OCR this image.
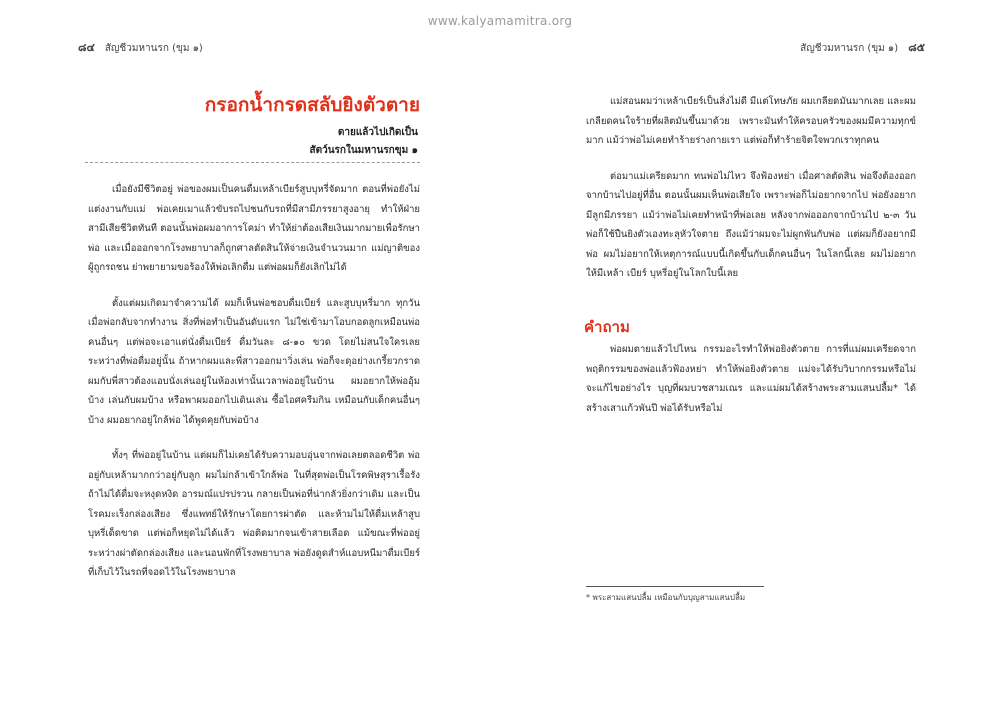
www.kalyamamitra.org
๘๔ สัญชีวมหานรก (ขุม ๑)
กรอกน้ำกรดสลับยิงตัวตาย
ตายแล้วไปเกิดเป็น
สัตว์นรกในมหานรกขุม ๑

เมื่อยังมีชีวิตอยู่ พ่อของผมเป็นคนดื่มเหล้าเบียร์สูบบุหรี่จัดมาก ตอนที่พ่อยังไม่แต่งงานกับแม่ พ่อเคยเมาแล้วขับรถไปชนกับรถที่มีสามีภรรยาสูงอายุ ทำให้ฝ่ายสามีเสียชีวิตทันที ตอนนั้นพ่อผมอาการโคม่า ทำให้ย่าต้องเสียเงินมากมายเพื่อรักษาพ่อ และเมื่อออกจากโรงพยาบาลก็ถูกศาลตัดสินให้จ่ายเงินจำนวนมาก แม่ญาติของ ผู้ถูกรถชน ย่าพยายามขอร้องให้พ่อเลิกดื่ม แต่พ่อผมก็ยังเลิกไม่ได้

ตั้งแต่ผมเกิดมาจำความได้ ผมก็เห็นพ่อชอบดื่มเบียร์ และสูบบุหรี่มาก ทุกวันเมื่อพ่อกลับจากทำงาน สิ่งที่พ่อทำเป็นอันดับแรก ไม่ใช่เข้ามาโอบกอดลูกเหมือนพ่อคนอื่นๆ แต่พ่อจะเอาแต่นั่งดื่มเบียร์ ดื่มวันละ ๘-๑๐ ขวด โดยไม่สนใจใครเลย ระหว่างที่พ่อดื่มอยู่นั้น ถ้าหากผมและพี่สาวออกมาวิ่งเล่น พ่อก็จะดุอย่างเกรี้ยวกราด ผมกับพี่สาวต้องแอบนั่งเล่นอยู่ในห้องเท่านั้นเวลาพ่ออยู่ในบ้าน ผมอยากให้พ่ออุ้มบ้าง เล่นกับผมบ้าง หรือพาผมออกไปเดินเล่น ซื้อไอศครีมกิน เหมือนกับเด็กคนอื่นๆ บ้าง ผมอยากอยู่ใกล้พ่อ ได้พูดคุยกับพ่อบ้าง

ทั้งๆ ที่พ่ออยู่ในบ้าน แต่ผมก็ไม่เคยได้รับความอบอุ่นจากพ่อเลยตลอดชีวิต พ่ออยู่กับเหล้ามากกว่าอยู่กับลูก ผมไม่กล้าเข้าใกล้พ่อ ในที่สุดพ่อเป็นโรคพิษสุราเรื้อรัง ถ้าไม่ได้ดื่มจะหงุดหงิด อารมณ์แปรปรวน กลายเป็นพ่อที่น่ากลัวยิ่งกว่าเดิม และเป็นโรคมะเร็งกล่องเสียง ซึ่งแพทย์ให้รักษาโดยการผ่าตัด และห้ามไม่ให้ดื่มเหล้าสูบบุหรี่เด็ดขาด แต่พ่อก็หยุดไม่ได้แล้ว พ่อติดมากจนเข้าสายเลือด แม้ขณะที่พ่ออยู่ระหว่างผ่าตัดกล่องเสียง และนอนพักที่โรงพยาบาล พ่อยังดูดสำห์แอบหนีมาดื่มเบียร์ที่เก็บไว้ในรถที่จอดไว้ในโรงพยาบาล

สัญชีวมหานรก (ขุม ๑) ๘๕

แม่สอนผมว่าเหล้าเบียร์เป็นสิ่งไม่ดี มีแต่โทษภัย ผมเกลียดมันมากเลย และผมเกลียดคนใจร้ายที่ผลิตมันขึ้นมาด้วย เพราะมันทำให้ครอบครัวของผมมีความทุกข์มาก แม้ว่าพ่อไม่เคยทำร้ายร่างกายเรา แต่พ่อก็ทำร้ายจิตใจพวกเราทุกคน

ต่อมาแม่เครียดมาก ทนพ่อไม่ไหว จึงฟ้องหย่า เมื่อศาลตัดสิน พ่อจึงต้องออกจากบ้านไปอยู่ที่อื่น ตอนนั้นผมเห็นพ่อเสียใจ เพราะพ่อก็ไม่อยากจากไป พ่อยังอยากมีลูกมีภรรยา แม้ว่าพ่อไม่เคยทำหน้าที่พ่อเลย หลังจากพ่อออกจากบ้านไป ๒-๓ วัน พ่อก็ใช้ปืนยิงตัวเองทะลุหัวใจตาย ถึงแม้ว่าผมจะไม่ผูกพันกับพ่อ แต่ผมก็ยังอยากมีพ่อ ผมไม่อยากให้เหตุการณ์แบบนี้เกิดขึ้นกับเด็กคนอื่นๆ ในโลกนี้เลย ผมไม่อยากให้มีเหล้า เบียร์ บุหรี่อยู่ในโลกใบนี้เลย

คำถาม

พ่อผมตายแล้วไปไหน กรรมอะไรทำให้พ่อยิงตัวตาย การที่แม่ผมเครียดจากพฤติกรรมของพ่อแล้วฟ้องหย่า ทำให้พ่อยิงตัวตาย แม่จะได้รับวิบากกรรมหรือไม่ จะแก้ไขอย่างไร บุญที่ผมบวชสามเณร และแม่ผมได้สร้างพระสามแสนปลื้ม* ได้สร้างเสาแก้วพันปี พ่อได้รับหรือไม่

* พระสามแสนปลื้ม เหมือนกับบุญสามแสนปลื้ม
